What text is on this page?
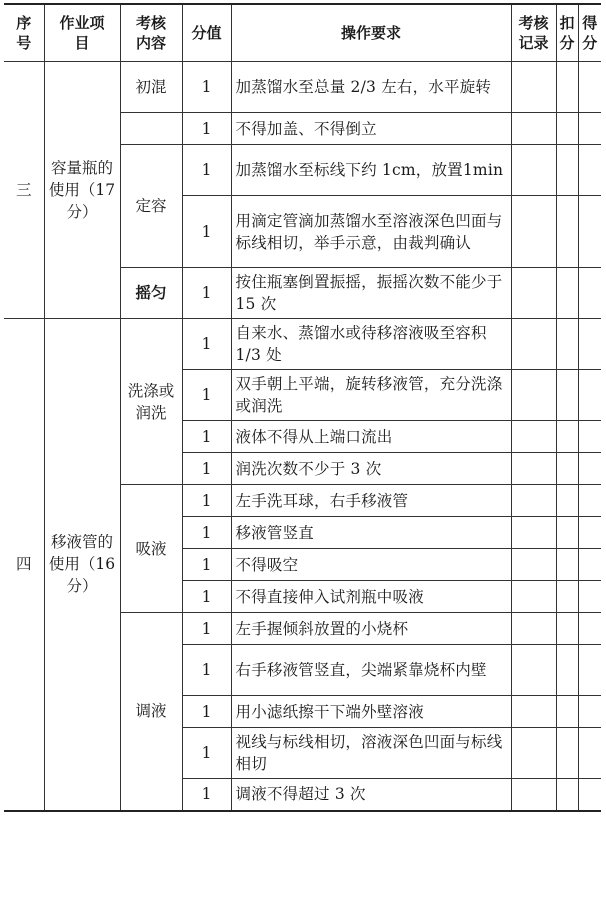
序号	作业项目	考核内容	分值	操作要求	考核记录	扣分	得分
三	容量瓶的使用（17分）	初混	1	加蒸馏水至总量 2/3 左右，水平旋转			
			1	不得加盖、不得倒立			
		定容	1	加蒸馏水至标线下约 1cm，放置1min			
			1	用滴定管滴加蒸馏水至溶液深色凹面与标线相切，举手示意，由裁判确认			
		摇匀	1	按住瓶塞倒置振摇，振摇次数不能少于 15 次			
四	移液管的使用（16分）	洗涤或润洗	1	自来水、蒸馏水或待移溶液吸至容积 1/3 处			
			1	双手朝上平端，旋转移液管，充分洗涤或润洗			
			1	液体不得从上端口流出			
			1	润洗次数不少于 3 次			
		吸液	1	左手洗耳球，右手移液管			
			1	移液管竖直			
			1	不得吸空			
			1	不得直接伸入试剂瓶中吸液			
		调液	1	左手握倾斜放置的小烧杯			
			1	右手移液管竖直，尖端紧靠烧杯内壁			
			1	用小滤纸擦干下端外壁溶液			
			1	视线与标线相切，溶液深色凹面与标线相切			
			1	调液不得超过 3 次			
